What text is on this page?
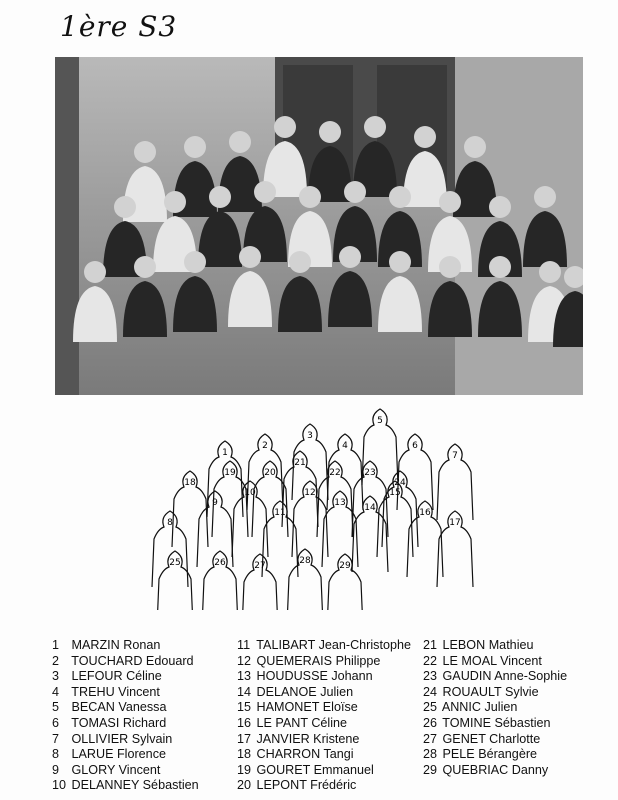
1ère S3
1
2
3
4
5
6
7
8
9
10
11
12
13 14
15
16
17
18
19	20
21
22	23
24
25	26	27	28	29
1 MARZIN Ronan
2 TOUCHARD Edouard
3 LEFOUR Céline
4 TREHU Vincent
5 BECAN Vanessa
6 TOMASI Richard
7 OLLIVIER Sylvain
8 LARUE Florence
9 GLORY Vincent
10 DELANNEY Sébastien
11 TALIBART Jean-Christophe
12 QUEMERAIS Philippe
13 HOUDUSSE Johann
14 DELANOE Julien
15 HAMONET Eloïse
16 LE PANT Céline
17 JANVIER Kristene
18 CHARRON Tangi
19 GOURET Emmanuel
20 LEPONT Frédéric
21 LEBON Mathieu
22 LE MOAL Vincent
23 GAUDIN Anne-Sophie
24 ROUAULT Sylvie
25 ANNIC Julien
26 TOMINE Sébastien
27 GENET Charlotte
28 PELE Bérangère
29 QUEBRIAC Danny
